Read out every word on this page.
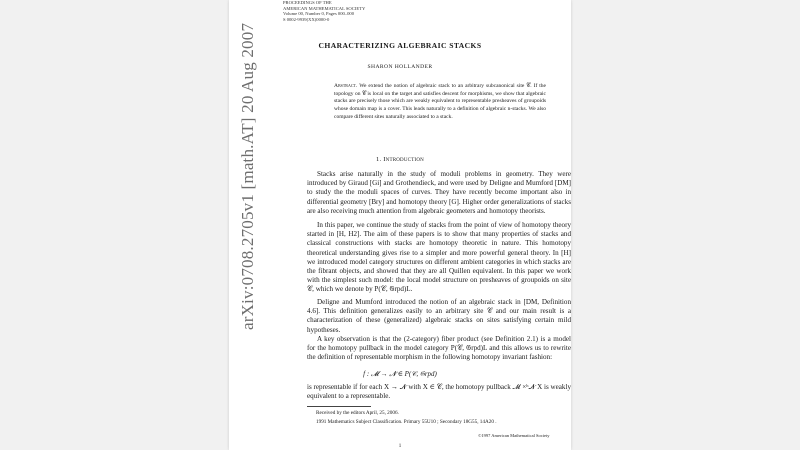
arXiv:0708.2705v1 [math.AT] 20 Aug 2007
PROCEEDINGS OF THE
AMERICAN MATHEMATICAL SOCIETY
Volume 00, Number 0, Pages 000–000
S 0002-9939(XX)0000-0
CHARACTERIZING ALGEBRAIC STACKS
SHARON HOLLANDER
Abstract. We extend the notion of algebraic stack to an arbitrary subcanonical site 𝒞. If the topology on 𝒞 is local on the target and satisfies descent for morphisms, we show that algebraic stacks are precisely those which are weakly equivalent to representable presheaves of groupoids whose domain map is a cover. This leads naturally to a definition of algebraic n-stacks. We also compare different sites naturally associated to a stack.
1. Introduction

Stacks arise naturally in the study of moduli problems in geometry. They were introduced by Giraud [Gi] and Grothendieck, and were used by Deligne and Mumford [DM] to study the the moduli spaces of curves. They have recently become important also in differential geometry [Bry] and homotopy theory [G]. Higher order generalizations of stacks are also receiving much attention from algebraic geometers and homotopy theorists.

In this paper, we continue the study of stacks from the point of view of homotopy theory started in [H, H2]. The aim of these papers is to show that many properties of stacks and classical constructions with stacks are homotopy theoretic in nature. This homotopy theoretical understanding gives rise to a simpler and more powerful general theory. In [H] we introduced model category structures on different ambient categories in which stacks are the fibrant objects, and showed that they are all Quillen equivalent. In this paper we work with the simplest such model: the local model structure on presheaves of groupoids on site 𝒞, which we denote by P(𝒞, 𝔊rpd)L.

Deligne and Mumford introduced the notion of an algebraic stack in [DM, Definition 4.6]. This definition generalizes easily to an arbitrary site 𝒞 and our main result is a characterization of these (generalized) algebraic stacks on sites satisfying certain mild hypotheses.

A key observation is that the (2-category) fiber product (see Definition 2.1) is a model for the homotopy pullback in the model category P(𝒞, 𝔊rpd)L and this allows us to rewrite the definition of representable morphism in the following homotopy invariant fashion:

f : 𝓜 → 𝓝 ∈ P(𝒞, 𝔊rpd)

is representable if for each X → 𝓝 with X ∈ 𝒞, the homotopy pullback 𝓜 ×ʰ𝓝 X is weakly equivalent to a representable.

Received by the editors April, 25, 2006.
1991 Mathematics Subject Classification. Primary 55U10 ; Secondary 18G55, 14A20 .
©1997 American Mathematical Society
1
